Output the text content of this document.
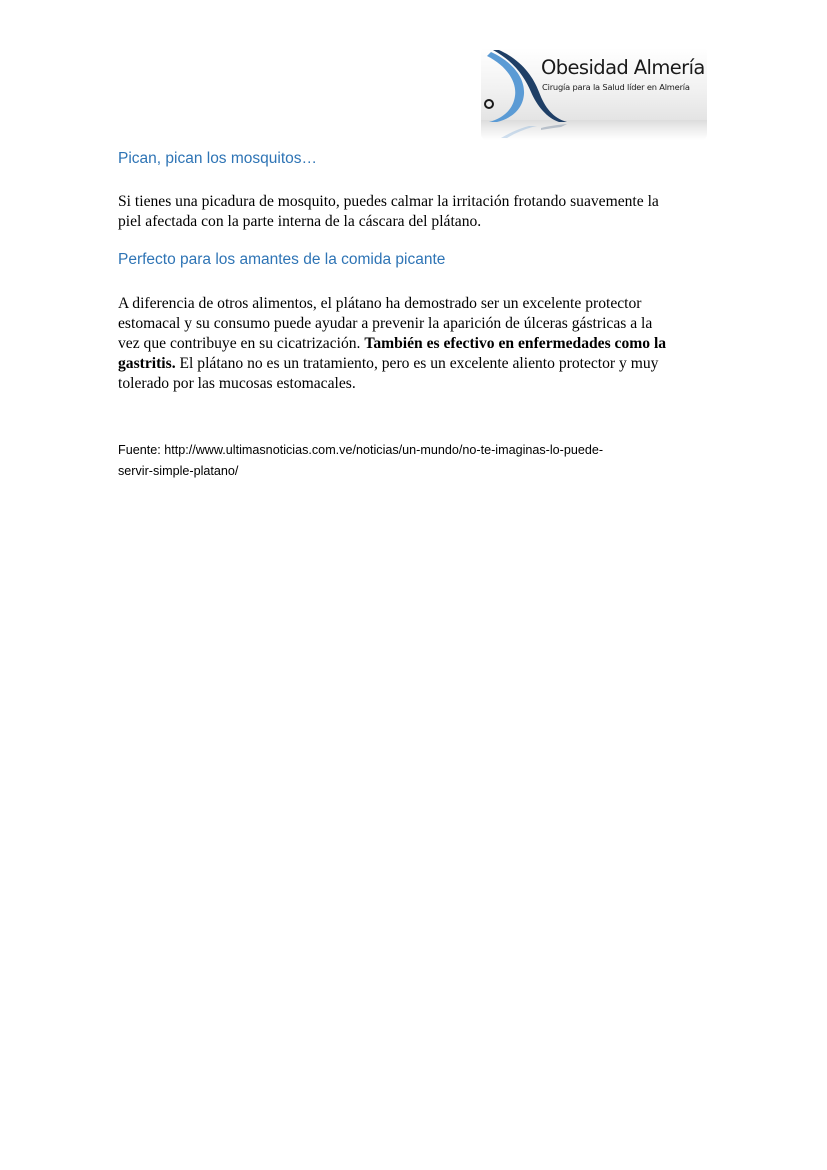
Obesidad Almería
Cirugía para la Salud líder en Almería
Pican, pican los mosquitos…
Si tienes una picadura de mosquito, puedes calmar la irritación frotando suavemente la
piel afectada con la parte interna de la cáscara del plátano.
Perfecto para los amantes de la comida picante
A diferencia de otros alimentos, el plátano ha demostrado ser un excelente protector
estomacal y su consumo puede ayudar a prevenir la aparición de úlceras gástricas a la
vez que contribuye en su cicatrización. También es efectivo en enfermedades como la
gastritis. El plátano no es un tratamiento, pero es un excelente aliento protector y muy
tolerado por las mucosas estomacales.
Fuente: http://www.ultimasnoticias.com.ve/noticias/un-mundo/no-te-imaginas-lo-puede-
servir-simple-platano/
